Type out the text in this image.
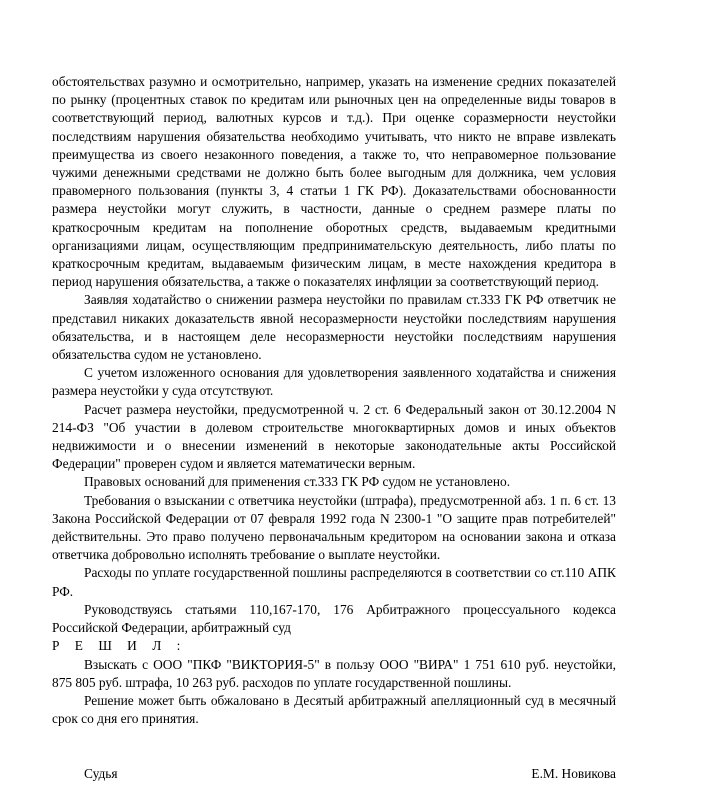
обстоятельствах разумно и осмотрительно, например, указать на изменение средних показателей по рынку (процентных ставок по кредитам или рыночных цен на определенные виды товаров в соответствующий период, валютных курсов и т.д.). При оценке соразмерности неустойки последствиям нарушения обязательства необходимо учитывать, что никто не вправе извлекать преимущества из своего незаконного поведения, а также то, что неправомерное пользование чужими денежными средствами не должно быть более выгодным для должника, чем условия правомерного пользования (пункты 3, 4 статьи 1 ГК РФ). Доказательствами обоснованности размера неустойки могут служить, в частности, данные о среднем размере платы по краткосрочным кредитам на пополнение оборотных средств, выдаваемым кредитными организациями лицам, осуществляющим предпринимательскую деятельность, либо платы по краткосрочным кредитам, выдаваемым физическим лицам, в месте нахождения кредитора в период нарушения обязательства, а также о показателях инфляции за соответствующий период.

Заявляя ходатайство о снижении размера неустойки по правилам ст.333 ГК РФ ответчик не представил никаких доказательств явной несоразмерности неустойки последствиям нарушения обязательства, и в настоящем деле несоразмерности неустойки последствиям нарушения обязательства судом не установлено.

С учетом изложенного основания для удовлетворения заявленного ходатайства и снижения размера неустойки у суда отсутствуют.

Расчет размера неустойки, предусмотренной ч. 2 ст. 6 Федеральный закон от 30.12.2004 N 214-ФЗ "Об участии в долевом строительстве многоквартирных домов и иных объектов недвижимости и о внесении изменений в некоторые законодательные акты Российской Федерации" проверен судом и является математически верным.

Правовых оснований для применения ст.333 ГК РФ судом не установлено.

Требования о взыскании с ответчика неустойки (штрафа), предусмотренной абз. 1 п. 6 ст. 13 Закона Российской Федерации от 07 февраля 1992 года N 2300-1 "О защите прав потребителей" действительны. Это право получено первоначальным кредитором на основании закона и отказа ответчика добровольно исполнять требование о выплате неустойки.

Расходы по уплате государственной пошлины распределяются в соответствии со ст.110 АПК РФ.

Руководствуясь статьями 110,167-170, 176 Арбитражного процессуального кодекса Российской Федерации, арбитражный суд

Р Е Ш И Л :

Взыскать с ООО "ПКФ "ВИКТОРИЯ-5" в пользу ООО "ВИРА" 1 751 610 руб. неустойки, 875 805 руб. штрафа, 10 263 руб. расходов по уплате государственной пошлины.

Решение может быть обжаловано в Десятый арбитражный апелляционный суд в месячный срок со дня его принятия.

Судья	Е.М. Новикова
